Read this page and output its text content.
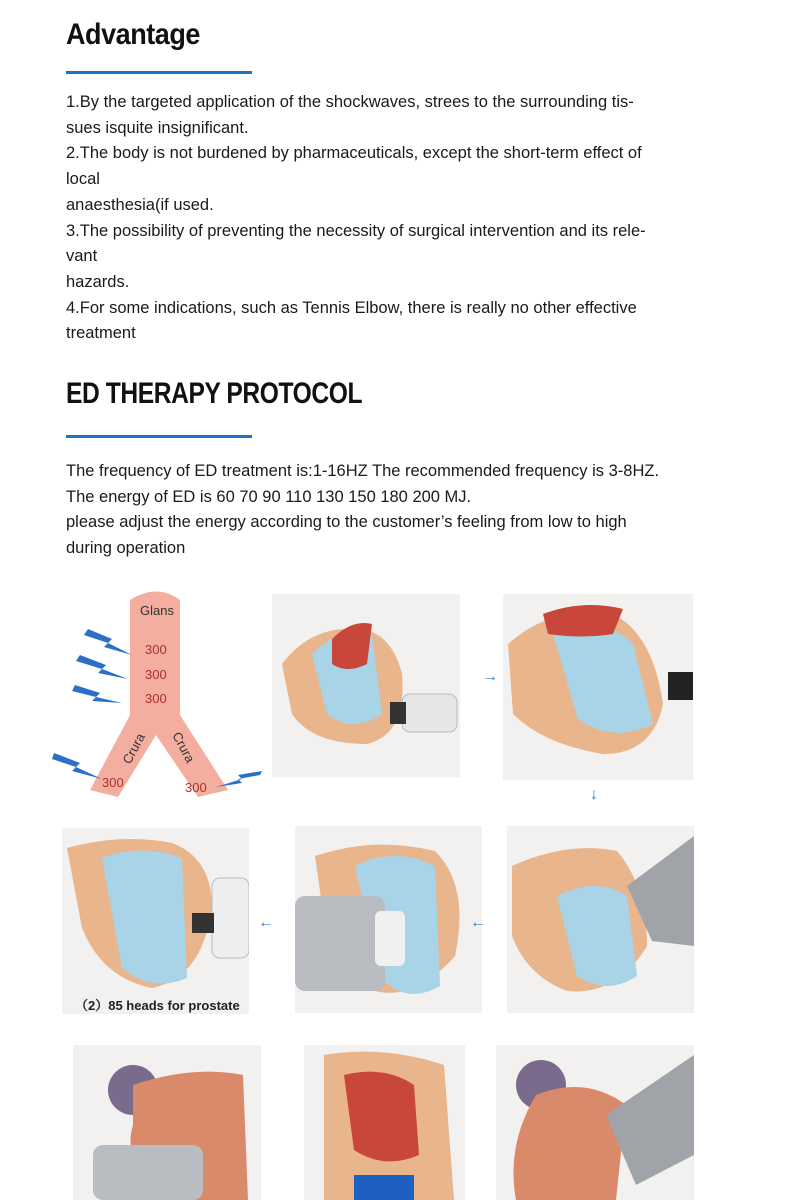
Advantage
1.By the targeted application of the shockwaves, strees to the surrounding tis-
sues isquite insignificant.
2.The body is not burdened by pharmaceuticals, except the short-term effect of
local
anaesthesia(if used.
3.The possibility of preventing the necessity of surgical intervention and its rele-
vant
hazards.
4.For some indications, such as Tennis Elbow, there is really no other effective
treatment
ED THERAPY PROTOCOL
The frequency of ED treatment is:1-16HZ The recommended frequency is 3-8HZ.
The energy of ED is 60 70 90 110 130 150 180 200 MJ.
please adjust the energy according to the customer’s feeling from low to high
during operation
Glans
300
300
300
Crura Crura
300	300
→
↓
（2）85 heads for prostate
←	←
